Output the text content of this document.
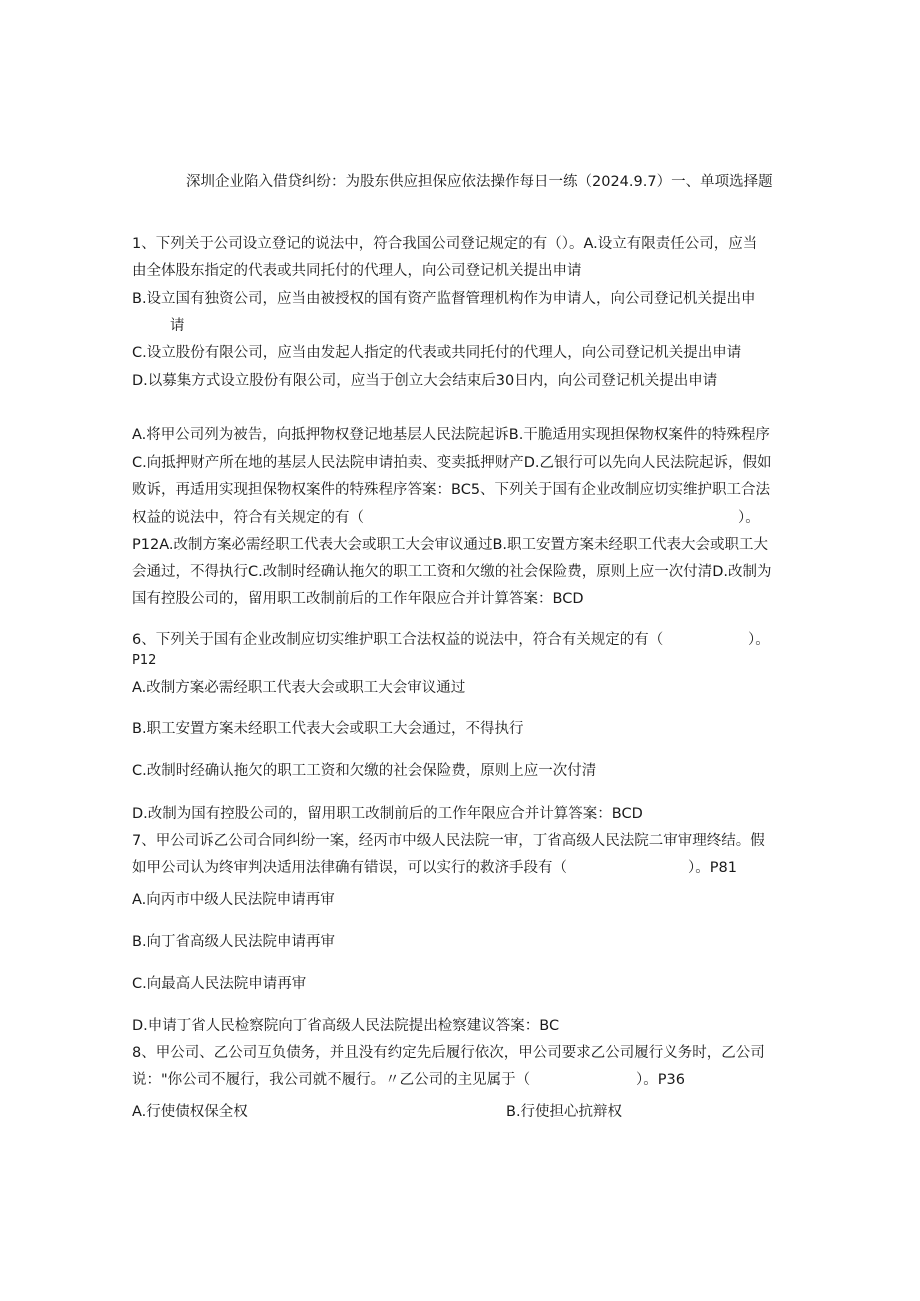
深圳企业陷入借贷纠纷：为股东供应担保应依法操作每日一练（2024.9.7）一、单项选择题
1、下列关于公司设立登记的说法中，符合我国公司登记规定的有（）。A.设立有限责任公司，应当
由全体股东指定的代表或共同托付的代理人，向公司登记机关提出申请
B.设立国有独资公司，应当由被授权的国有资产监督管理机构作为申请人，向公司登记机关提出申
请
C.设立股份有限公司，应当由发起人指定的代表或共同托付的代理人，向公司登记机关提出申请
D.以募集方式设立股份有限公司，应当于创立大会结束后30日内，向公司登记机关提出申请
A.将甲公司列为被告，向抵押物权登记地基层人民法院起诉B.干脆适用实现担保物权案件的特殊程序
C.向抵押财产所在地的基层人民法院申请拍卖、变卖抵押财产D.乙银行可以先向人民法院起诉，假如
败诉，再适用实现担保物权案件的特殊程序答案：BC5、下列关于国有企业改制应切实维护职工合法
权益的说法中，符合有关规定的有（	）。
P12A.改制方案必需经职工代表大会或职工大会审议通过B.职工安置方案未经职工代表大会或职工大
会通过，不得执行C.改制时经确认拖欠的职工工资和欠缴的社会保险费，原则上应一次付清D.改制为
国有控股公司的，留用职工改制前后的工作年限应合并计算答案：BCD
6、下列关于国有企业改制应切实维护职工合法权益的说法中，符合有关规定的有（	）。
P12
A.改制方案必需经职工代表大会或职工大会审议通过
B.职工安置方案未经职工代表大会或职工大会通过，不得执行
C.改制时经确认拖欠的职工工资和欠缴的社会保险费，原则上应一次付清
D.改制为国有控股公司的，留用职工改制前后的工作年限应合并计算答案：BCD
7、甲公司诉乙公司合同纠纷一案，经丙市中级人民法院一审，丁省高级人民法院二审审理终结。假
如甲公司认为终审判决适用法律确有错误，可以实行的救济手段有（	）。P81
A.向丙市中级人民法院申请再审
B.向丁省高级人民法院申请再审
C.向最高人民法院申请再审
D.申请丁省人民检察院向丁省高级人民法院提出检察建议答案：BC
8、甲公司、乙公司互负债务，并且没有约定先后履行依次，甲公司要求乙公司履行义务时，乙公司
说："你公司不履行，我公司就不履行。〃乙公司的主见属于（	）。P36
A.行使债权保全权	B.行使担心抗辩权
